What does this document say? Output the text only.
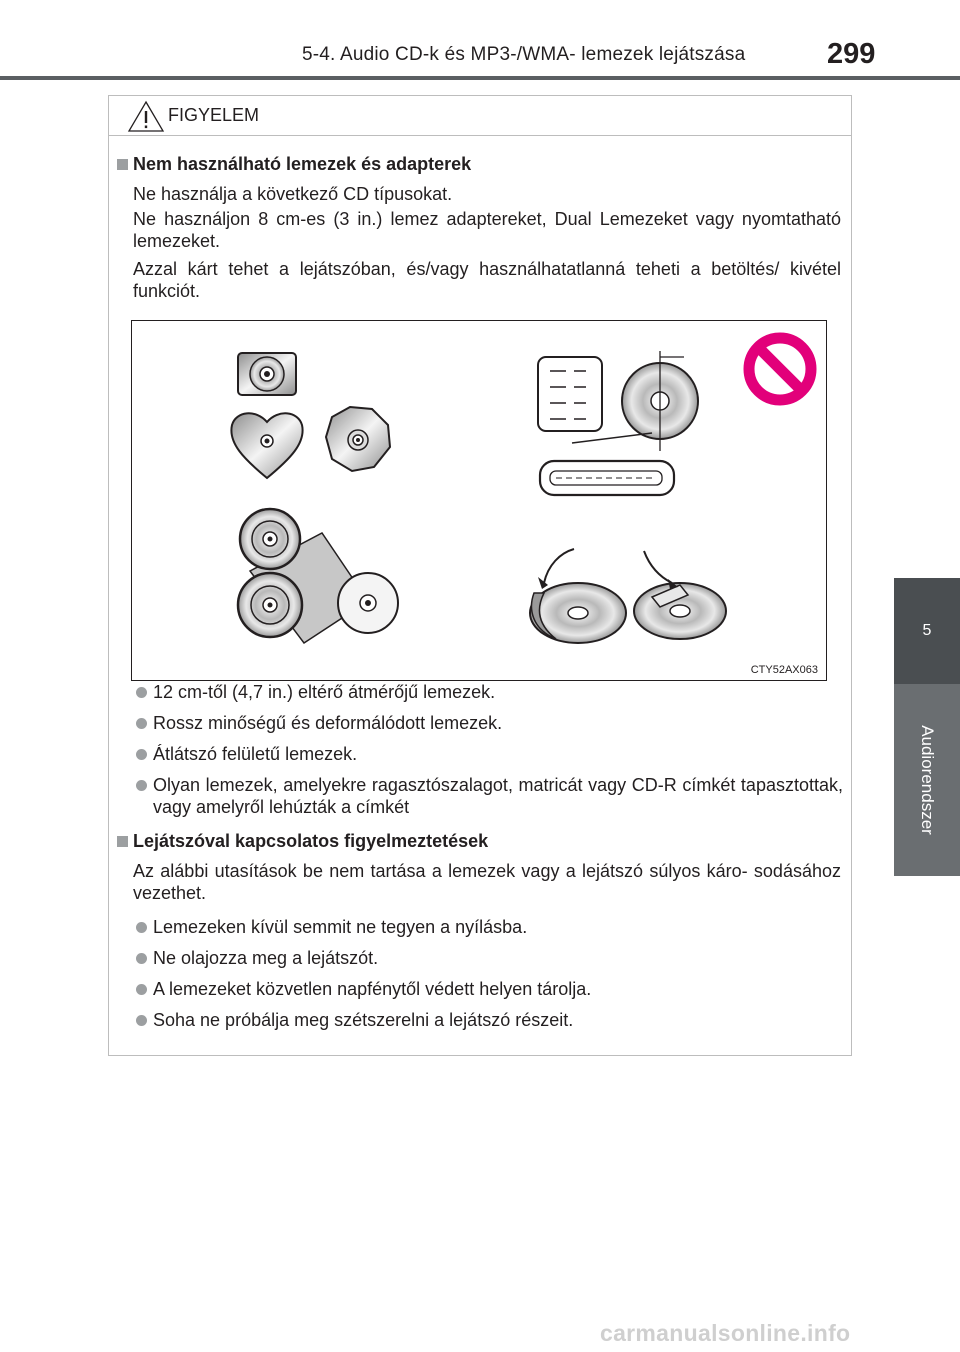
5-4. Audio CD-k és MP3-/WMA- lemezek lejátszása	299
5
Audiorendszer
FIGYELEM
Nem használható lemezek és adapterek
Ne használja a következő CD típusokat.
Ne használjon 8 cm-es (3 in.) lemez adaptereket, Dual Lemezeket vagy nyomtatható lemezeket.
Azzal kárt tehet a lejátszóban, és/vagy használhatatlanná teheti a betöltés/ kivétel funkciót.
CTY52AX063
12 cm-től (4,7 in.) eltérő átmérőjű lemezek.
Rossz minőségű és deformálódott lemezek.
Átlátszó felületű lemezek.
Olyan lemezek, amelyekre ragasztószalagot, matricát vagy CD-R címkét tapasztottak, vagy amelyről lehúzták a címkét
Lejátszóval kapcsolatos figyelmeztetések
Az alábbi utasítások be nem tartása a lemezek vagy a lejátszó súlyos káro- sodásához vezethet.
Lemezeken kívül semmit ne tegyen a nyílásba.
Ne olajozza meg a lejátszót.
A lemezeket közvetlen napfénytől védett helyen tárolja.
Soha ne próbálja meg szétszerelni a lejátszó részeit.
carmanualsonline.info
